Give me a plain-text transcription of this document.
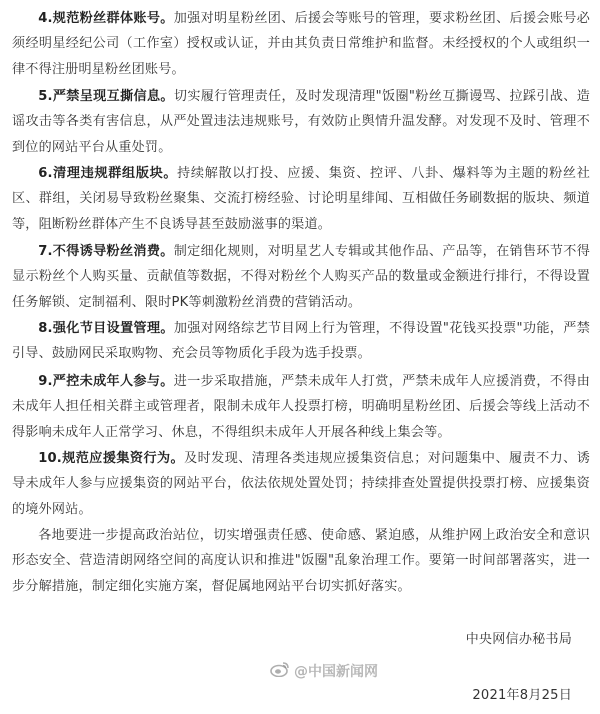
4.规范粉丝群体账号。加强对明星粉丝团、后援会等账号的管理，要求粉丝团、后援会账号必须经明星经纪公司（工作室）授权或认证，并由其负责日常维护和监督。未经授权的个人或组织一律不得注册明星粉丝团账号。

5.严禁呈现互撕信息。切实履行管理责任，及时发现清理"饭圈"粉丝互撕谩骂、拉踩引战、造谣攻击等各类有害信息，从严处置违法违规账号，有效防止舆情升温发酵。对发现不及时、管理不到位的网站平台从重处罚。

6.清理违规群组版块。持续解散以打投、应援、集资、控评、八卦、爆料等为主题的粉丝社区、群组，关闭易导致粉丝聚集、交流打榜经验、讨论明星绯闻、互相做任务刷数据的版块、频道等，阻断粉丝群体产生不良诱导甚至鼓励滋事的渠道。

7.不得诱导粉丝消费。制定细化规则，对明星艺人专辑或其他作品、产品等，在销售环节不得显示粉丝个人购买量、贡献值等数据，不得对粉丝个人购买产品的数量或金额进行排行，不得设置任务解锁、定制福利、限时PK等刺激粉丝消费的营销活动。

8.强化节目设置管理。加强对网络综艺节目网上行为管理，不得设置"花钱买投票"功能，严禁引导、鼓励网民采取购物、充会员等物质化手段为选手投票。

9.严控未成年人参与。进一步采取措施，严禁未成年人打赏，严禁未成年人应援消费，不得由未成年人担任相关群主或管理者，限制未成年人投票打榜，明确明星粉丝团、后援会等线上活动不得影响未成年人正常学习、休息，不得组织未成年人开展各种线上集会等。

10.规范应援集资行为。及时发现、清理各类违规应援集资信息；对问题集中、履责不力、诱导未成年人参与应援集资的网站平台，依法依规处置处罚；持续排查处置提供投票打榜、应援集资的境外网站。

各地要进一步提高政治站位，切实增强责任感、使命感、紧迫感，从维护网上政治安全和意识形态安全、营造清朗网络空间的高度认识和推进"饭圈"乱象治理工作。要第一时间部署落实，进一步分解措施，制定细化实施方案，督促属地网站平台切实抓好落实。

中央网信办秘书局
@中国新闻网
2021年8月25日
